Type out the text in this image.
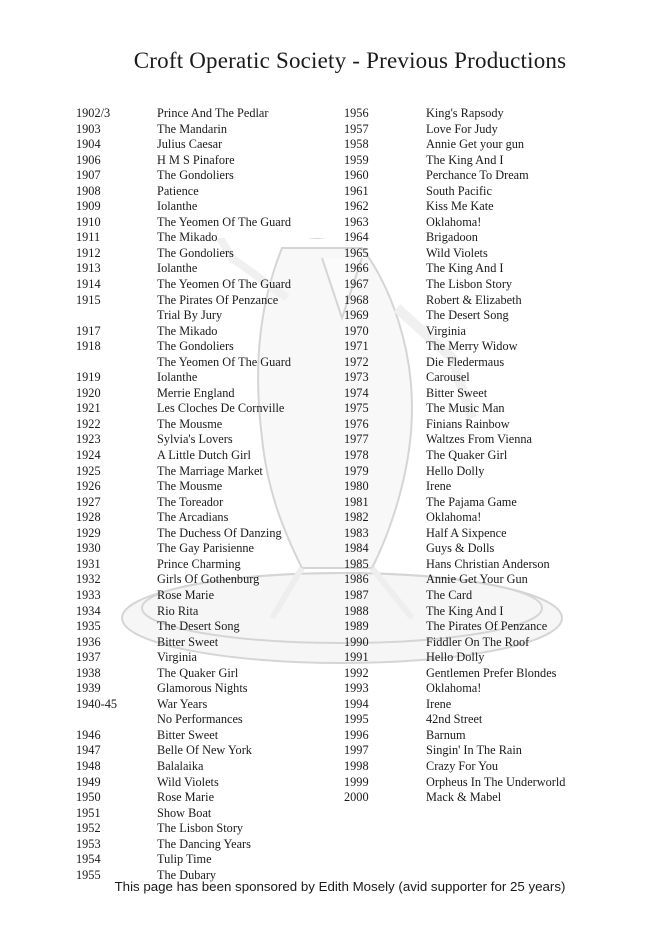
Croft Operatic Society - Previous Productions
1902/3	Prince And The Pedlar
1903	The Mandarin
1904	Julius Caesar
1906	H M S Pinafore
1907	The Gondoliers
1908	Patience
1909	Iolanthe
1910	The Yeomen Of The Guard
1911	The Mikado
1912	The Gondoliers
1913	Iolanthe
1914	The Yeomen Of The Guard
1915	The Pirates Of Penzance
Trial By Jury
1917	The Mikado
1918	The Gondoliers
The Yeomen Of The Guard
1919	Iolanthe
1920	Merrie England
1921	Les Cloches De Cornville
1922	The Mousme
1923	Sylvia's Lovers
1924	A Little Dutch Girl
1925	The Marriage Market
1926	The Mousme
1927	The Toreador
1928	The Arcadians
1929	The Duchess Of Danzing
1930	The Gay Parisienne
1931	Prince Charming
1932	Girls Of Gothenburg
1933	Rose Marie
1934	Rio Rita
1935	The Desert Song
1936	Bitter Sweet
1937	Virginia
1938	The Quaker Girl
1939	Glamorous Nights
1940-45	War Years
No Performances
1946	Bitter Sweet
1947	Belle Of New York
1948	Balalaika
1949	Wild Violets
1950	Rose Marie
1951	Show Boat
1952	The Lisbon Story
1953	The Dancing Years
1954	Tulip Time
1955	The Dubary
1956	King's Rapsody
1957	Love For Judy
1958	Annie Get your gun
1959	The King And I
1960	Perchance To Dream
1961	South Pacific
1962	Kiss Me Kate
1963	Oklahoma!
1964	Brigadoon
1965	Wild Violets
1966	The King And I
1967	The Lisbon Story
1968	Robert & Elizabeth
1969	The Desert Song
1970	Virginia
1971	The Merry Widow
1972	Die Fledermaus
1973	Carousel
1974	Bitter Sweet
1975	The Music Man
1976	Finians Rainbow
1977	Waltzes From Vienna
1978	The Quaker Girl
1979	Hello Dolly
1980	Irene
1981	The Pajama Game
1982	Oklahoma!
1983	Half A Sixpence
1984	Guys & Dolls
1985	Hans Christian Anderson
1986	Annie Get Your Gun
1987	The Card
1988	The King And I
1989	The Pirates Of Penzance
1990	Fiddler On The Roof
1991	Hello Dolly
1992	Gentlemen Prefer Blondes
1993	Oklahoma!
1994	Irene
1995	42nd Street
1996	Barnum
1997	Singin' In The Rain
1998	Crazy For You
1999	Orpheus In The Underworld
2000	Mack & Mabel
This page has been sponsored by Edith Mosely (avid supporter for 25 years)
